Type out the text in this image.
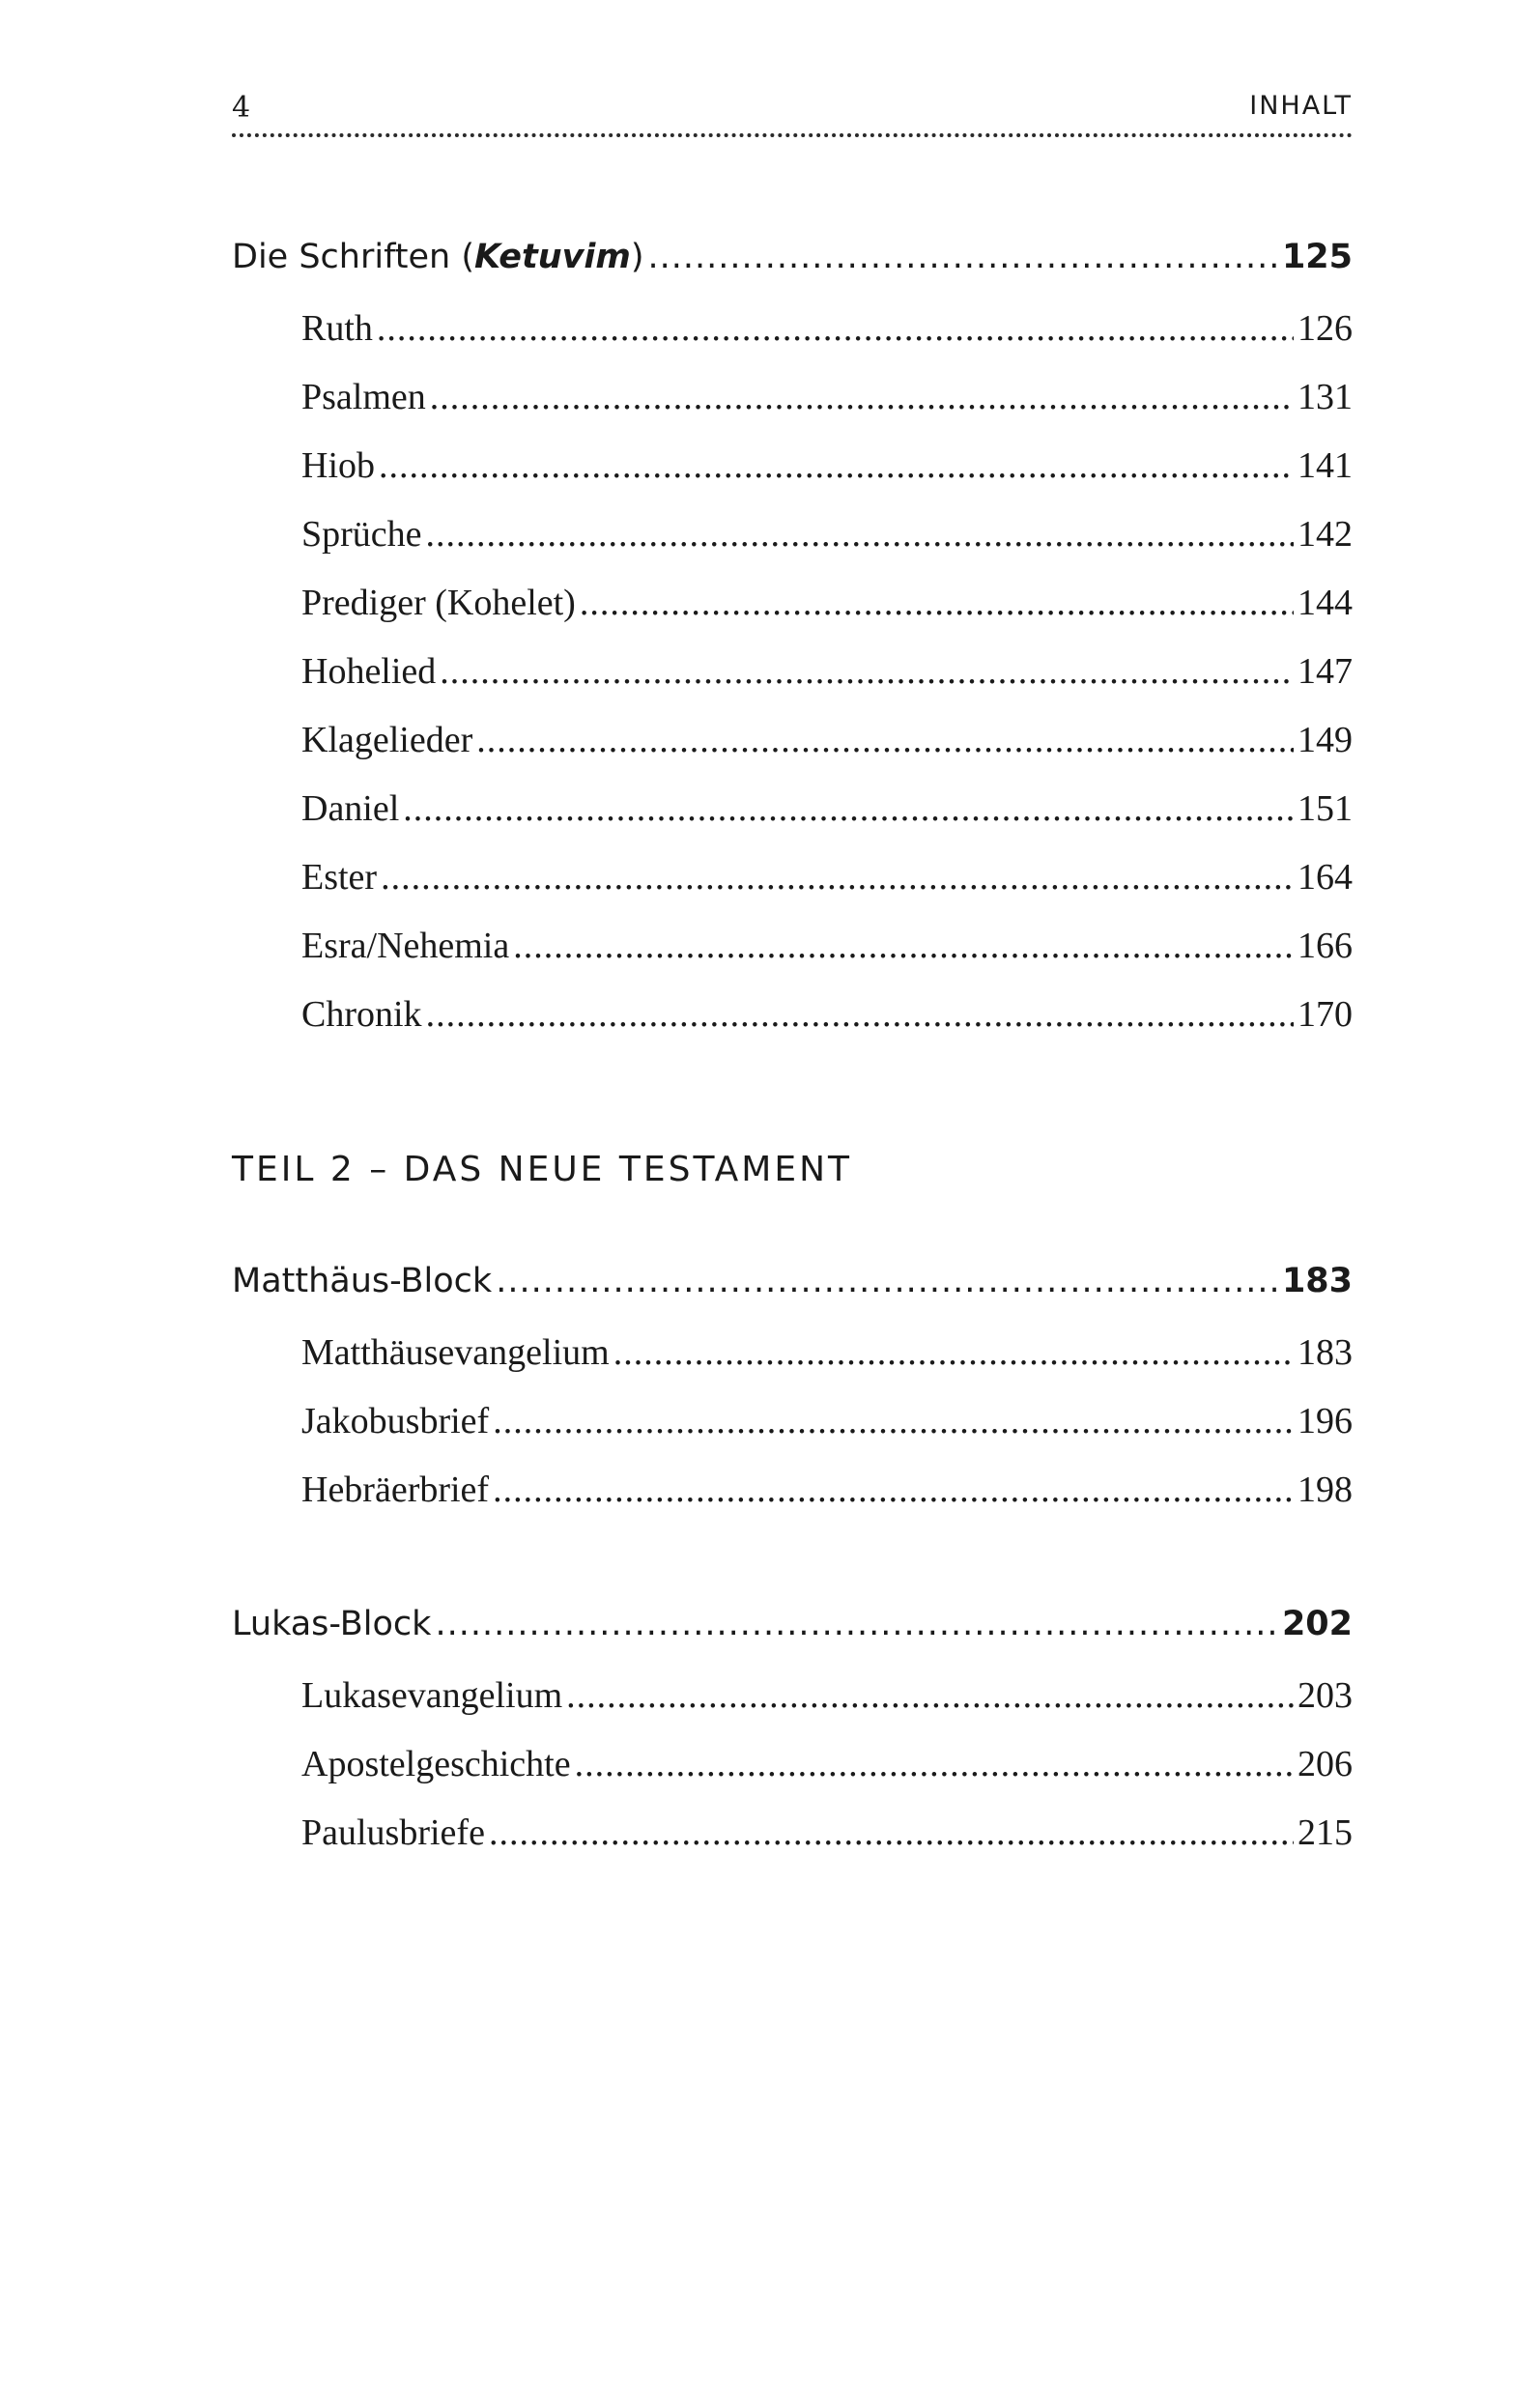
4	INHALT
Die Schriften (Ketuvim) .....	125
Ruth .....	126
Psalmen .....	131
Hiob .....	141
Sprüche .....	142
Prediger (Kohelet) .....	144
Hohelied .....	147
Klagelieder .....	149
Daniel .....	151
Ester .....	164
Esra/Nehemia .....	166
Chronik .....	170
TEIL 2 – DAS NEUE TESTAMENT
Matthäus-Block .....	183
Matthäusevangelium .....	183
Jakobusbrief .....	196
Hebräerbrief .....	198
Lukas-Block .....	202
Lukasevangelium .....	203
Apostelgeschichte .....	206
Paulusbriefe .....	215
